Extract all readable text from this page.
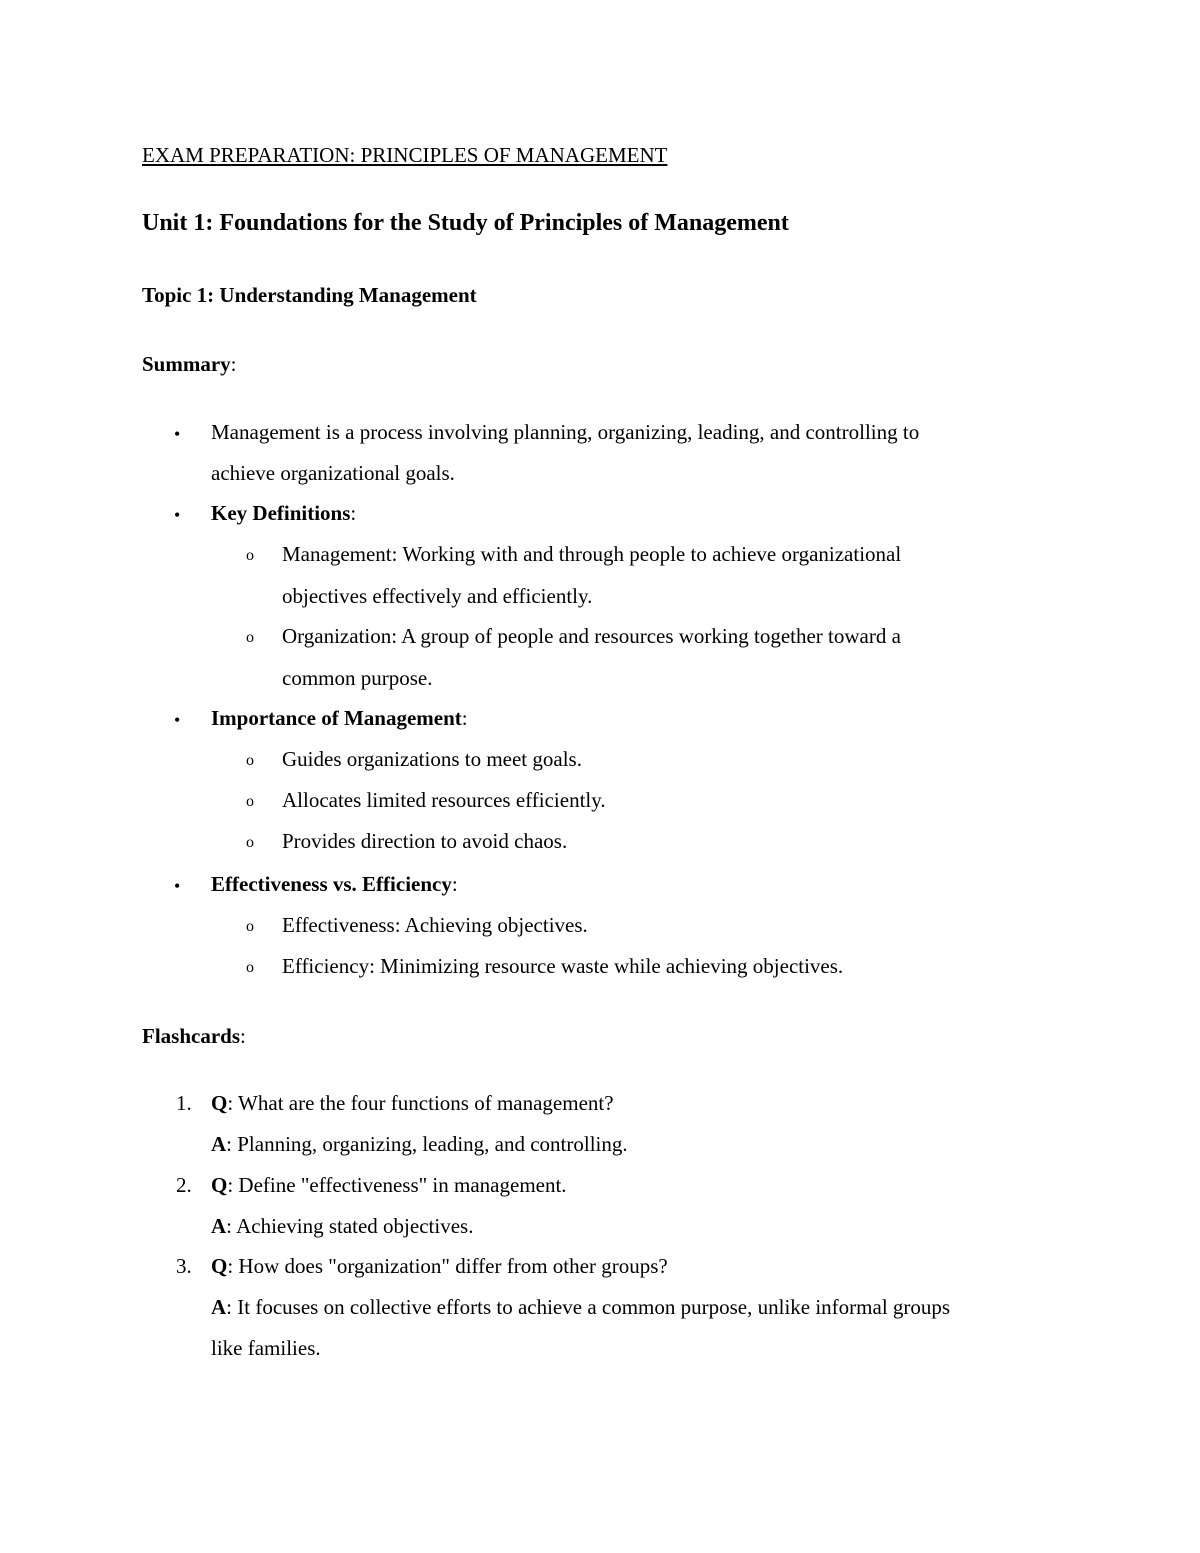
EXAM PREPARATION: PRINCIPLES OF MANAGEMENT
Unit 1: Foundations for the Study of Principles of Management
Topic 1: Understanding Management
Summary:
• Management is a process involving planning, organizing, leading, and controlling to
achieve organizational goals.
• Key Definitions:
o Management: Working with and through people to achieve organizational
objectives effectively and efficiently.
o Organization: A group of people and resources working together toward a
common purpose.
• Importance of Management:
o Guides organizations to meet goals.
o Allocates limited resources efficiently.
o Provides direction to avoid chaos.
• Effectiveness vs. Efficiency:
o Effectiveness: Achieving objectives.
o Efficiency: Minimizing resource waste while achieving objectives.
Flashcards:
1. Q: What are the four functions of management?
A: Planning, organizing, leading, and controlling.
2. Q: Define "effectiveness" in management.
A: Achieving stated objectives.
3. Q: How does "organization" differ from other groups?
A: It focuses on collective efforts to achieve a common purpose, unlike informal groups
like families.
